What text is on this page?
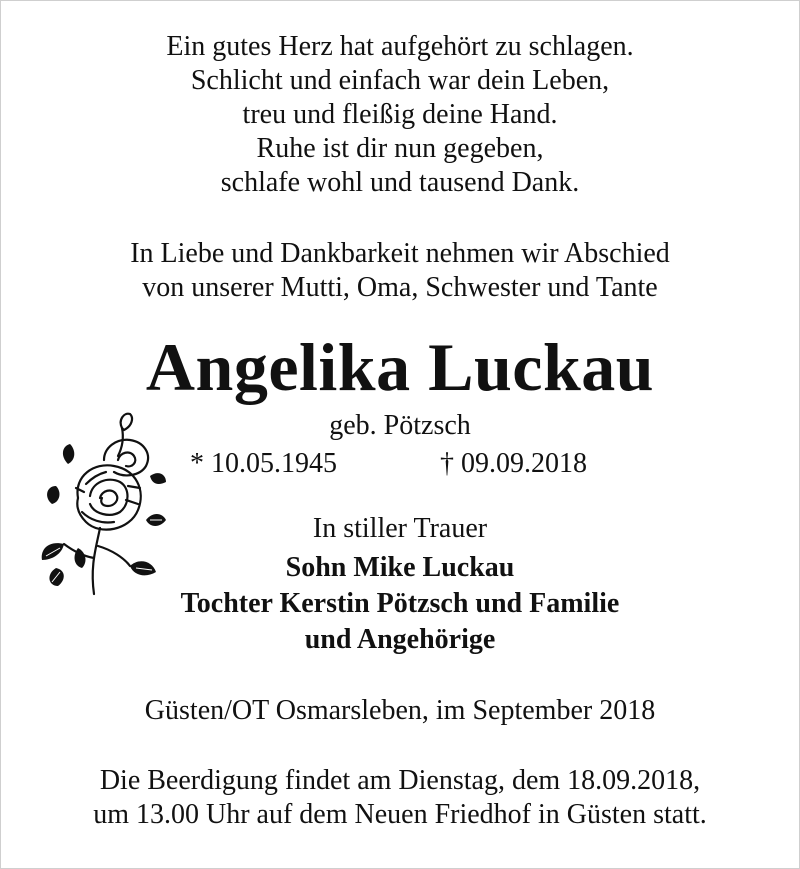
Ein gutes Herz hat aufgehört zu schlagen.
Schlicht und einfach war dein Leben,
treu und fleißig deine Hand.
Ruhe ist dir nun gegeben,
schlafe wohl und tausend Dank.
In Liebe und Dankbarkeit nehmen wir Abschied
von unserer Mutti, Oma, Schwester und Tante
Angelika Luckau
geb. Pötzsch
* 10.05.1945	† 09.09.2018
In stiller Trauer
Sohn Mike Luckau
Tochter Kerstin Pötzsch und Familie
und Angehörige
Güsten/OT Osmarsleben, im September 2018
Die Beerdigung findet am Dienstag, dem 18.09.2018,
um 13.00 Uhr auf dem Neuen Friedhof in Güsten statt.
